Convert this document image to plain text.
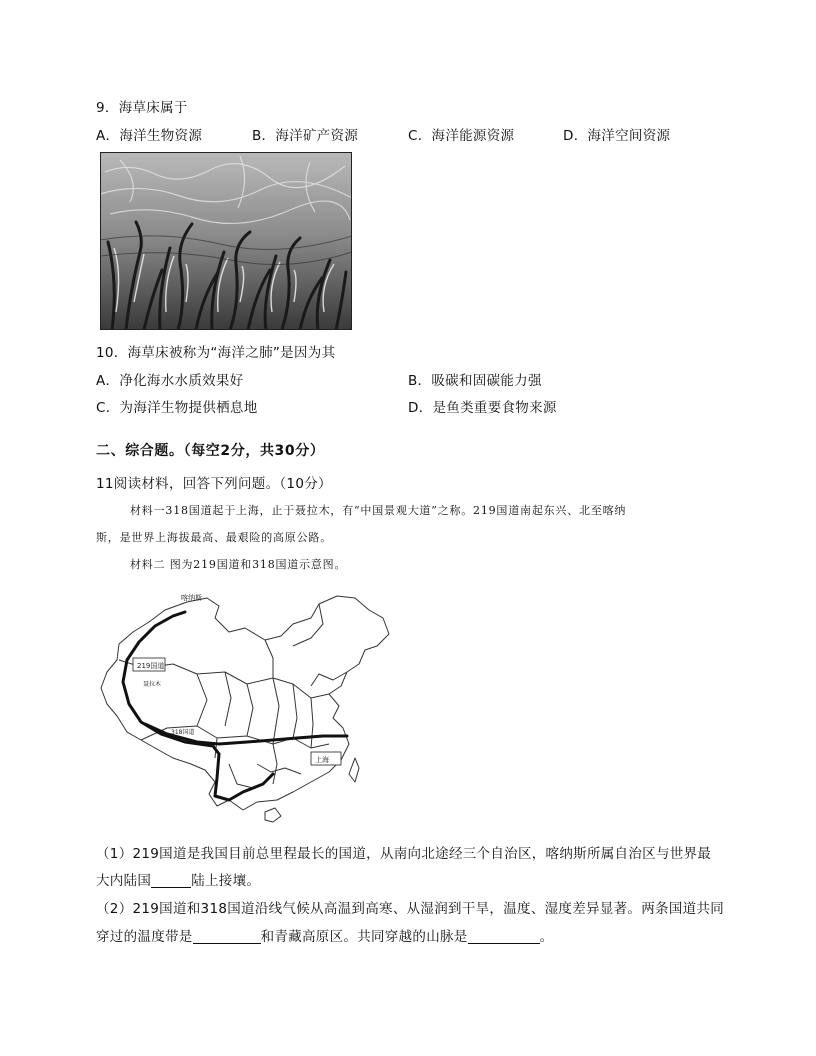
9．海草床属于
A．海洋生物资源	B．海洋矿产资源	C．海洋能源资源	D．海洋空间资源
10．海草床被称为“海洋之肺”是因为其
A．净化海水水质效果好	B．吸碳和固碳能力强
C．为海洋生物提供栖息地	D．是鱼类重要食物来源
二、综合题。（每空2分，共30分）
11阅读材料，回答下列问题。（10分）
材料一318国道起于上海，止于聂拉木，有“中国景观大道”之称。219国道南起东兴、北至喀纳
斯，是世界上海拔最高、最艰险的高原公路。
材料二 图为219国道和318国道示意图。
喀纳斯
219国道
聂拉木
318国道
上海
（1）219国道是我国目前总里程最长的国道，从南向北途经三个自治区，喀纳斯所属自治区与世界最
大内陆国	陆上接壤。
（2）219国道和318国道沿线气候从高温到高寒、从湿润到干旱，温度、湿度差异显著。两条国道共同
穿过的温度带是	和青藏高原区。共同穿越的山脉是	。
